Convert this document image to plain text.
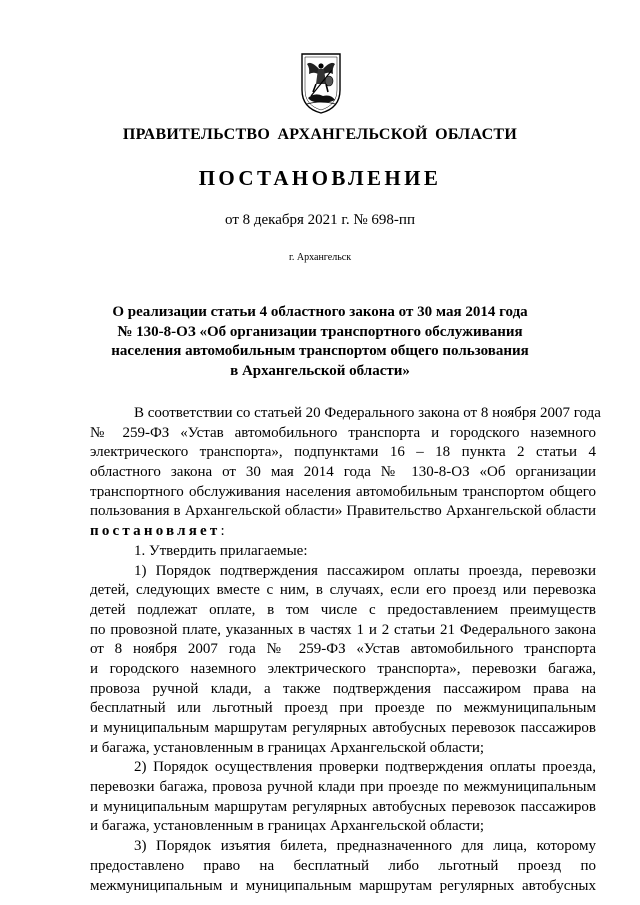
ПРАВИТЕЛЬСТВО АРХАНГЕЛЬСКОЙ ОБЛАСТИ
ПОСТАНОВЛЕНИЕ
от 8 декабря 2021 г. № 698-пп
г. Архангельск
О реализации статьи 4 областного закона от 30 мая 2014 года
№ 130-8-ОЗ «Об организации транспортного обслуживания
населения автомобильным транспортом общего пользования
в Архангельской области»
В соответствии со статьей 20 Федерального закона от 8 ноября 2007 года
№ 259-ФЗ «Устав автомобильного транспорта и городского наземного
электрического транспорта», подпунктами 16 – 18 пункта 2 статьи 4
областного закона от 30 мая 2014 года № 130-8-ОЗ «Об организации
транспортного обслуживания населения автомобильным транспортом общего
пользования в Архангельской области» Правительство Архангельской области
постановляет:
1. Утвердить прилагаемые:
1) Порядок подтверждения пассажиром оплаты проезда, перевозки
детей, следующих вместе с ним, в случаях, если его проезд или перевозка
детей подлежат оплате, в том числе с предоставлением преимуществ
по провозной плате, указанных в частях 1 и 2 статьи 21 Федерального закона
от 8 ноября 2007 года № 259-ФЗ «Устав автомобильного транспорта
и городского наземного электрического транспорта», перевозки багажа,
провоза ручной клади, а также подтверждения пассажиром права на
бесплатный или льготный проезд при проезде по межмуниципальным
и муниципальным маршрутам регулярных автобусных перевозок пассажиров
и багажа, установленным в границах Архангельской области;
2) Порядок осуществления проверки подтверждения оплаты проезда,
перевозки багажа, провоза ручной клади при проезде по межмуниципальным
и муниципальным маршрутам регулярных автобусных перевозок пассажиров
и багажа, установленным в границах Архангельской области;
3) Порядок изъятия билета, предназначенного для лица, которому
предоставлено право на бесплатный либо льготный проезд по
межмуниципальным и муниципальным маршрутам регулярных автобусных
